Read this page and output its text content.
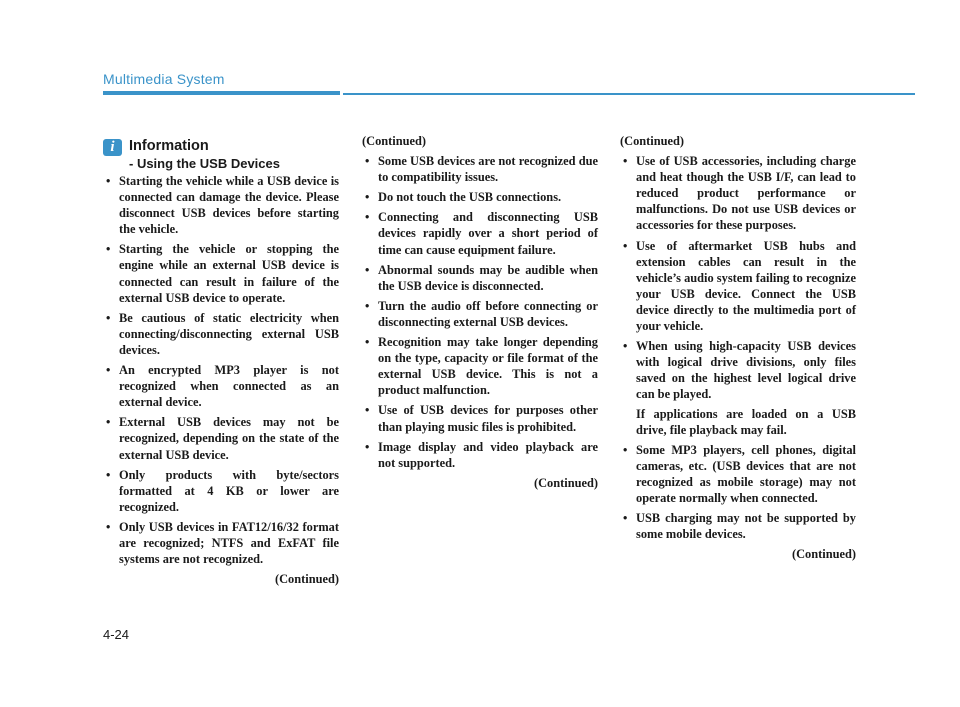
Multimedia System
i Information
- Using the USB Devices
• Starting the vehicle while a USB device is connected can damage the device. Please disconnect USB devices before starting the vehicle.
• Starting the vehicle or stopping the engine while an external USB device is connected can result in failure of the external USB device to operate.
• Be cautious of static electricity when connecting/disconnecting external USB devices.
• An encrypted MP3 player is not recognized when connected as an external device.
• External USB devices may not be recognized, depending on the state of the external USB device.
• Only products with byte/sectors formatted at 4 KB or lower are recognized.
• Only USB devices in FAT12/16/32 format are recognized; NTFS and ExFAT file systems are not recognized.
(Continued)
(Continued)
• Some USB devices are not recognized due to compatibility issues.
• Do not touch the USB connections.
• Connecting and disconnecting USB devices rapidly over a short period of time can cause equipment failure.
• Abnormal sounds may be audible when the USB device is disconnected.
• Turn the audio off before connecting or disconnecting external USB devices.
• Recognition may take longer depending on the type, capacity or file format of the external USB device. This is not a product malfunction.
• Use of USB devices for purposes other than playing music files is prohibited.
• Image display and video playback are not supported.
(Continued)
(Continued)
• Use of USB accessories, including charge and heat though the USB I/F, can lead to reduced product performance or malfunctions. Do not use USB devices or accessories for these purposes.
• Use of aftermarket USB hubs and extension cables can result in the vehicle’s audio system failing to recognize your USB device. Connect the USB device directly to the multimedia port of your vehicle.
• When using high-capacity USB devices with logical drive divisions, only files saved on the highest level logical drive can be played.
If applications are loaded on a USB drive, file playback may fail.
• Some MP3 players, cell phones, digital cameras, etc. (USB devices that are not recognized as mobile storage) may not operate normally when connected.
• USB charging may not be supported by some mobile devices.
(Continued)
4-24
